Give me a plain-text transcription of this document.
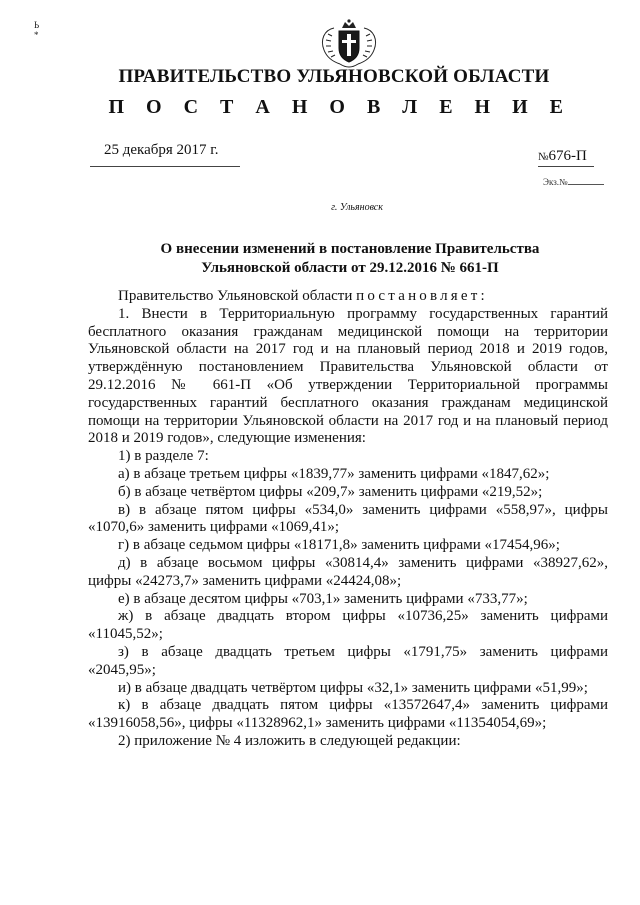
Ь
*
ПРАВИТЕЛЬСТВО УЛЬЯНОВСКОЙ ОБЛАСТИ
П О С Т А Н О В Л Е Н И Е
25 декабря 2017 г.	№676-П
Экз.№
г. Ульяновск
О внесении изменений в постановление Правительства
Ульяновской области от 29.12.2016 № 661-П

Правительство Ульяновской области постановляет:

1. Внести в Территориальную программу государственных гарантий бесплатного оказания гражданам медицинской помощи на территории Ульяновской области на 2017 год и на плановый период 2018 и 2019 годов, утверждённую постановлением Правительства Ульяновской области от 29.12.2016 № 661-П «Об утверждении Территориальной программы государственных гарантий бесплатного оказания гражданам медицинской помощи на территории Ульяновской области на 2017 год и на плановый период 2018 и 2019 годов», следующие изменения:

1) в разделе 7:

а) в абзаце третьем цифры «1839,77» заменить цифрами «1847,62»;

б) в абзаце четвёртом цифры «209,7» заменить цифрами «219,52»;

в) в абзаце пятом цифры «534,0» заменить цифрами «558,97», цифры «1070,6» заменить цифрами «1069,41»;

г) в абзаце седьмом цифры «18171,8» заменить цифрами «17454,96»;

д) в абзаце восьмом цифры «30814,4» заменить цифрами «38927,62», цифры «24273,7» заменить цифрами «24424,08»;

е) в абзаце десятом цифры «703,1» заменить цифрами «733,77»;

ж) в абзаце двадцать втором цифры «10736,25» заменить цифрами «11045,52»;

з) в абзаце двадцать третьем цифры «1791,75» заменить цифрами «2045,95»;

и) в абзаце двадцать четвёртом цифры «32,1» заменить цифрами «51,99»;

к) в абзаце двадцать пятом цифры «13572647,4» заменить цифрами «13916058,56», цифры «11328962,1» заменить цифрами «11354054,69»;

2) приложение № 4 изложить в следующей редакции:
